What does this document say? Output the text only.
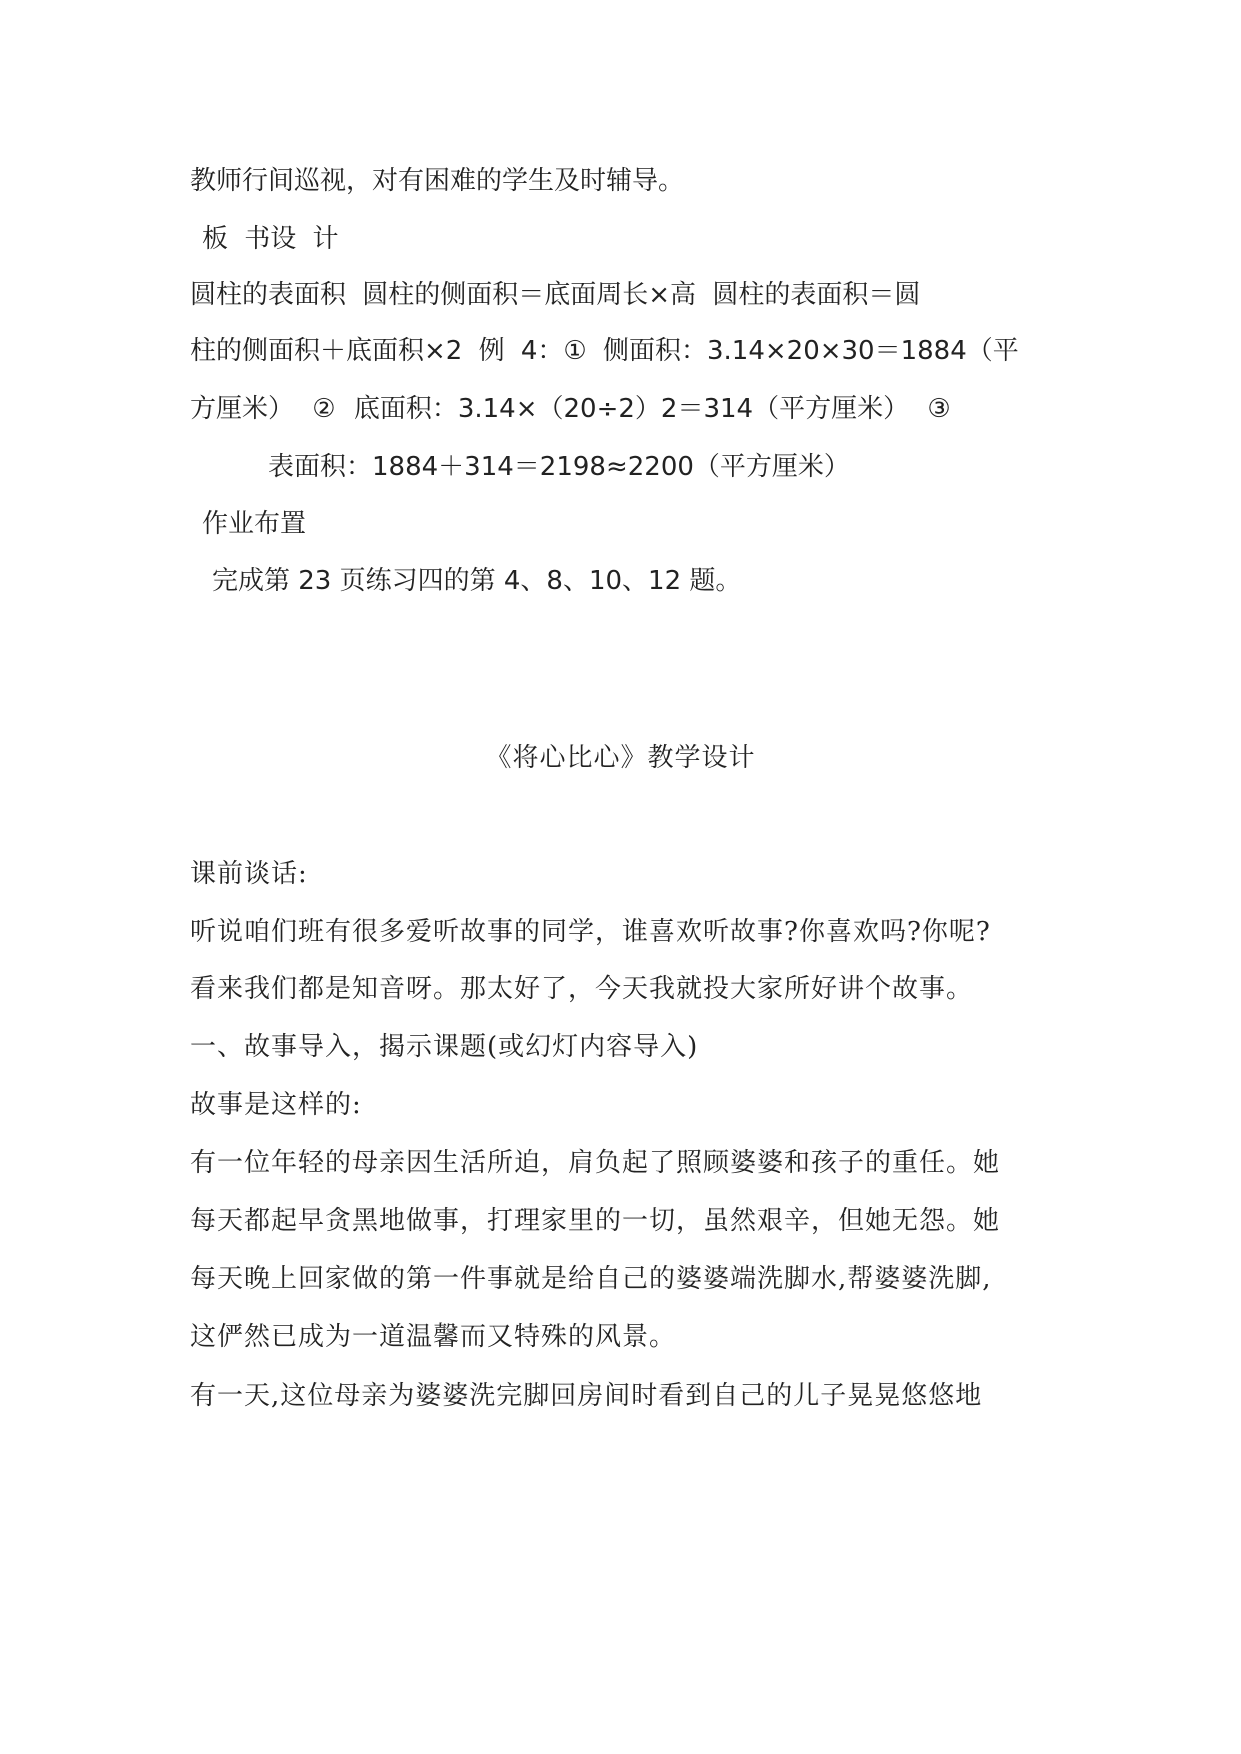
教师行间巡视，对有困难的学生及时辅导。
板 书设 计
圆柱的表面积 圆柱的侧面积＝底面周长×高 圆柱的表面积＝圆
柱的侧面积＋底面积×2 例 4：① 侧面积：3.14×20×30＝1884（平
方厘米） ② 底面积：3.14×（20÷2）2＝314（平方厘米） ③
表面积：1884＋314＝2198≈2200（平方厘米）
作业布置
完成第 23 页练习四的第 4、8、10、12 题。
《将心比心》教学设计
课前谈话:
听说咱们班有很多爱听故事的同学，谁喜欢听故事?你喜欢吗?你呢?
看来我们都是知音呀。那太好了，今天我就投大家所好讲个故事。
一、故事导入，揭示课题(或幻灯内容导入)
故事是这样的:
有一位年轻的母亲因生活所迫，肩负起了照顾婆婆和孩子的重任。她
每天都起早贪黑地做事，打理家里的一切，虽然艰辛，但她无怨。她
每天晚上回家做的第一件事就是给自己的婆婆端洗脚水,帮婆婆洗脚,
这俨然已成为一道温馨而又特殊的风景。
有一天,这位母亲为婆婆洗完脚回房间时看到自己的儿子晃晃悠悠地
